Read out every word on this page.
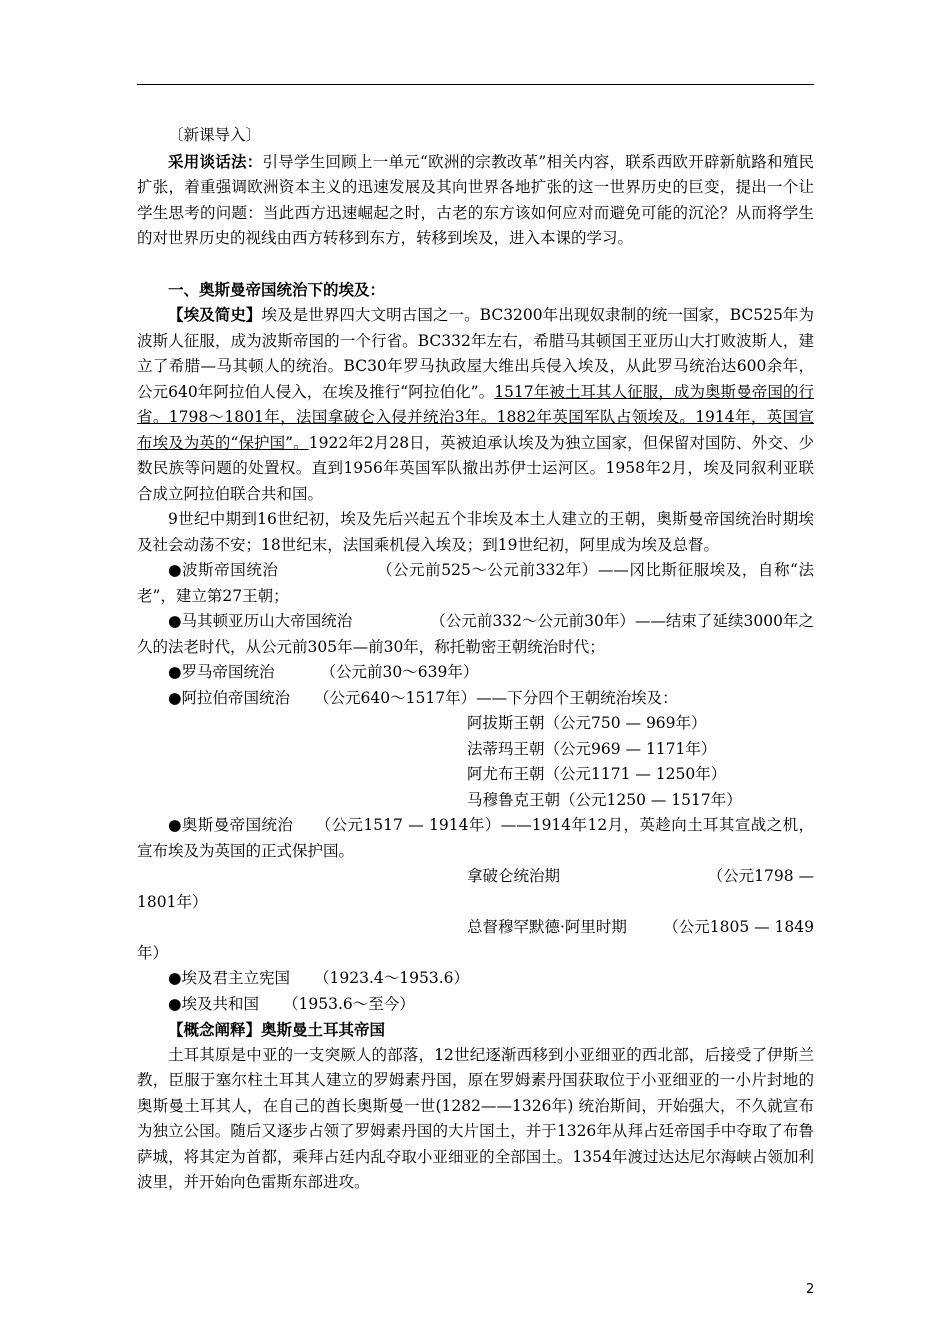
〔新课导入〕

采用谈话法：引导学生回顾上一单元“欧洲的宗教改革”相关内容，联系西欧开辟新航路和殖民扩张，着重强调欧洲资本主义的迅速发展及其向世界各地扩张的这一世界历史的巨变，提出一个让学生思考的问题：当此西方迅速崛起之时，古老的东方该如何应对而避免可能的沉沦？从而将学生的对世界历史的视线由西方转移到东方，转移到埃及，进入本课的学习。

一、奥斯曼帝国统治下的埃及：

【埃及简史】埃及是世界四大文明古国之一。BC3200年出现奴隶制的统一国家，BC525年为波斯人征服，成为波斯帝国的一个行省。BC332年左右，希腊马其顿国王亚历山大打败波斯人，建立了希腊—马其顿人的统治。BC30年罗马执政屋大维出兵侵入埃及，从此罗马统治达600余年，公元640年阿拉伯人侵入，在埃及推行“阿拉伯化”。1517年被土耳其人征服，成为奥斯曼帝国的行省。1798～1801年，法国拿破仑入侵并统治3年。1882年英国军队占领埃及。1914年，英国宣布埃及为英的“保护国”。1922年2月28日，英被迫承认埃及为独立国家，但保留对国防、外交、少数民族等问题的处置权。直到1956年英国军队撤出苏伊士运河区。1958年2月，埃及同叙利亚联合成立阿拉伯联合共和国。

9世纪中期到16世纪初，埃及先后兴起五个非埃及本土人建立的王朝，奥斯曼帝国统治时期埃及社会动荡不安；18世纪末，法国乘机侵入埃及；到19世纪初，阿里成为埃及总督。

●波斯帝国统治	（公元前525～公元前332年）——冈比斯征服埃及，自称“法老”，建立第27王朝；

●马其顿亚历山大帝国统治	（公元前332～公元前30年）——结束了延续3000年之久的法老时代，从公元前305年—前30年，称托勒密王朝统治时代；

●罗马帝国统治	（公元前30～639年）

●阿拉伯帝国统治 （公元640～1517年）——下分四个王朝统治埃及：

阿拔斯王朝（公元750 — 969年）

法蒂玛王朝（公元969 — 1171年）

阿尤布王朝（公元1171 — 1250年）

马穆鲁克王朝（公元1250 — 1517年）

●奥斯曼帝国统治 （公元1517 — 1914年）——1914年12月，英趁向土耳其宣战之机，宣布埃及为英国的正式保护国。

拿破仑统治期	（公元1798 —

1801年）

总督穆罕默德·阿里时期 （公元1805 — 1849

年）

●埃及君主立宪国 （1923.4～1953.6）

●埃及共和国 （1953.6～至今）

【概念阐释】奥斯曼土耳其帝国

土耳其原是中亚的一支突厥人的部落，12世纪逐渐西移到小亚细亚的西北部，后接受了伊斯兰教，臣服于塞尔柱土耳其人建立的罗姆素丹国，原在罗姆素丹国获取位于小亚细亚的一小片封地的奥斯曼土耳其人，在自己的酋长奥斯曼一世(1282——1326年) 统治斯间，开始强大，不久就宣布为独立公国。随后又逐步占领了罗姆素丹国的大片国土，并于1326年从拜占廷帝国手中夺取了布鲁萨城，将其定为首都，乘拜占廷内乱夺取小亚细亚的全部国土。1354年渡过达达尼尔海峡占领加利波里，并开始向色雷斯东部进攻。

2
